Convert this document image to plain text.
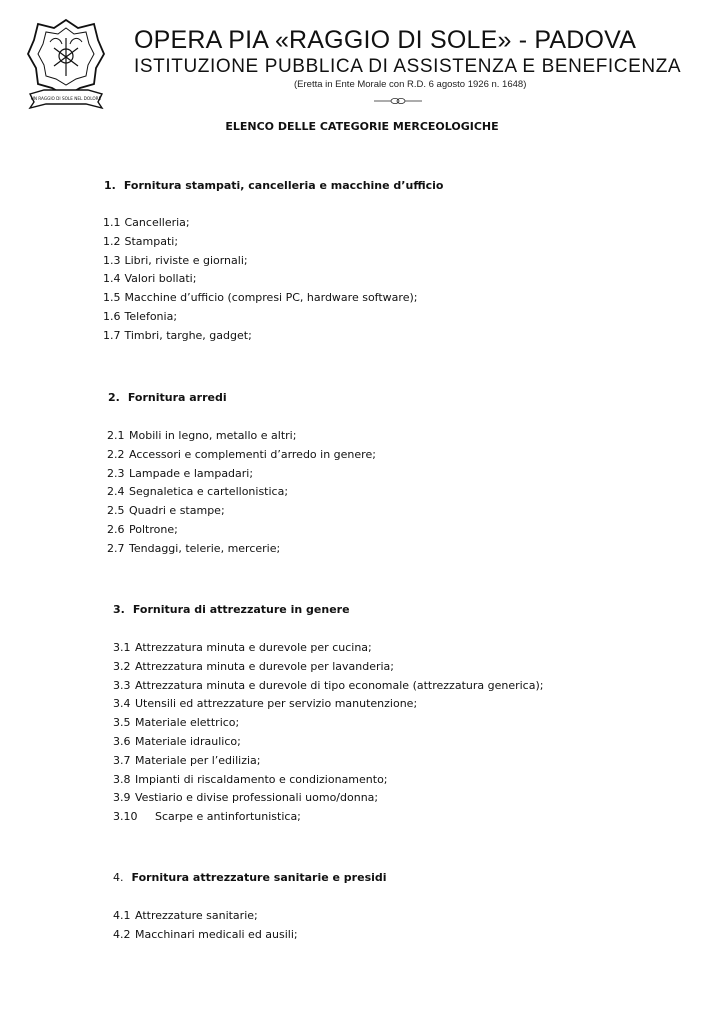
UN RAGGIO DI SOLE NEL DOLORE
OPERA PIA «RAGGIO DI SOLE» - PADOVA
ISTITUZIONE PUBBLICA DI ASSISTENZA E BENEFICENZA
(Eretta in Ente Morale con R.D. 6 agosto 1926 n. 1648)
ELENCO DELLE CATEGORIE MERCEOLOGICHE
1. Fornitura stampati, cancelleria e macchine d’ufficio
1.1 Cancelleria;
1.2 Stampati;
1.3 Libri, riviste e giornali;
1.4 Valori bollati;
1.5 Macchine d’ufficio (compresi PC, hardware software);
1.6 Telefonia;
1.7 Timbri, targhe, gadget;
2. Fornitura arredi
2.1 Mobili in legno, metallo e altri;
2.2 Accessori e complementi d’arredo in genere;
2.3 Lampade e lampadari;
2.4 Segnaletica e cartellonistica;
2.5 Quadri e stampe;
2.6 Poltrone;
2.7 Tendaggi, telerie, mercerie;
3. Fornitura di attrezzature in genere
3.1 Attrezzatura minuta e durevole per cucina;
3.2 Attrezzatura minuta e durevole per lavanderia;
3.3 Attrezzatura minuta e durevole di tipo economale (attrezzatura generica);
3.4 Utensili ed attrezzature per servizio manutenzione;
3.5 Materiale elettrico;
3.6 Materiale idraulico;
3.7 Materiale per l’edilizia;
3.8 Impianti di riscaldamento e condizionamento;
3.9 Vestiario e divise professionali uomo/donna;
3.10 Scarpe e antinfortunistica;
4. Fornitura attrezzature sanitarie e presidi
4.1 Attrezzature sanitarie;
4.2 Macchinari medicali ed ausili;
